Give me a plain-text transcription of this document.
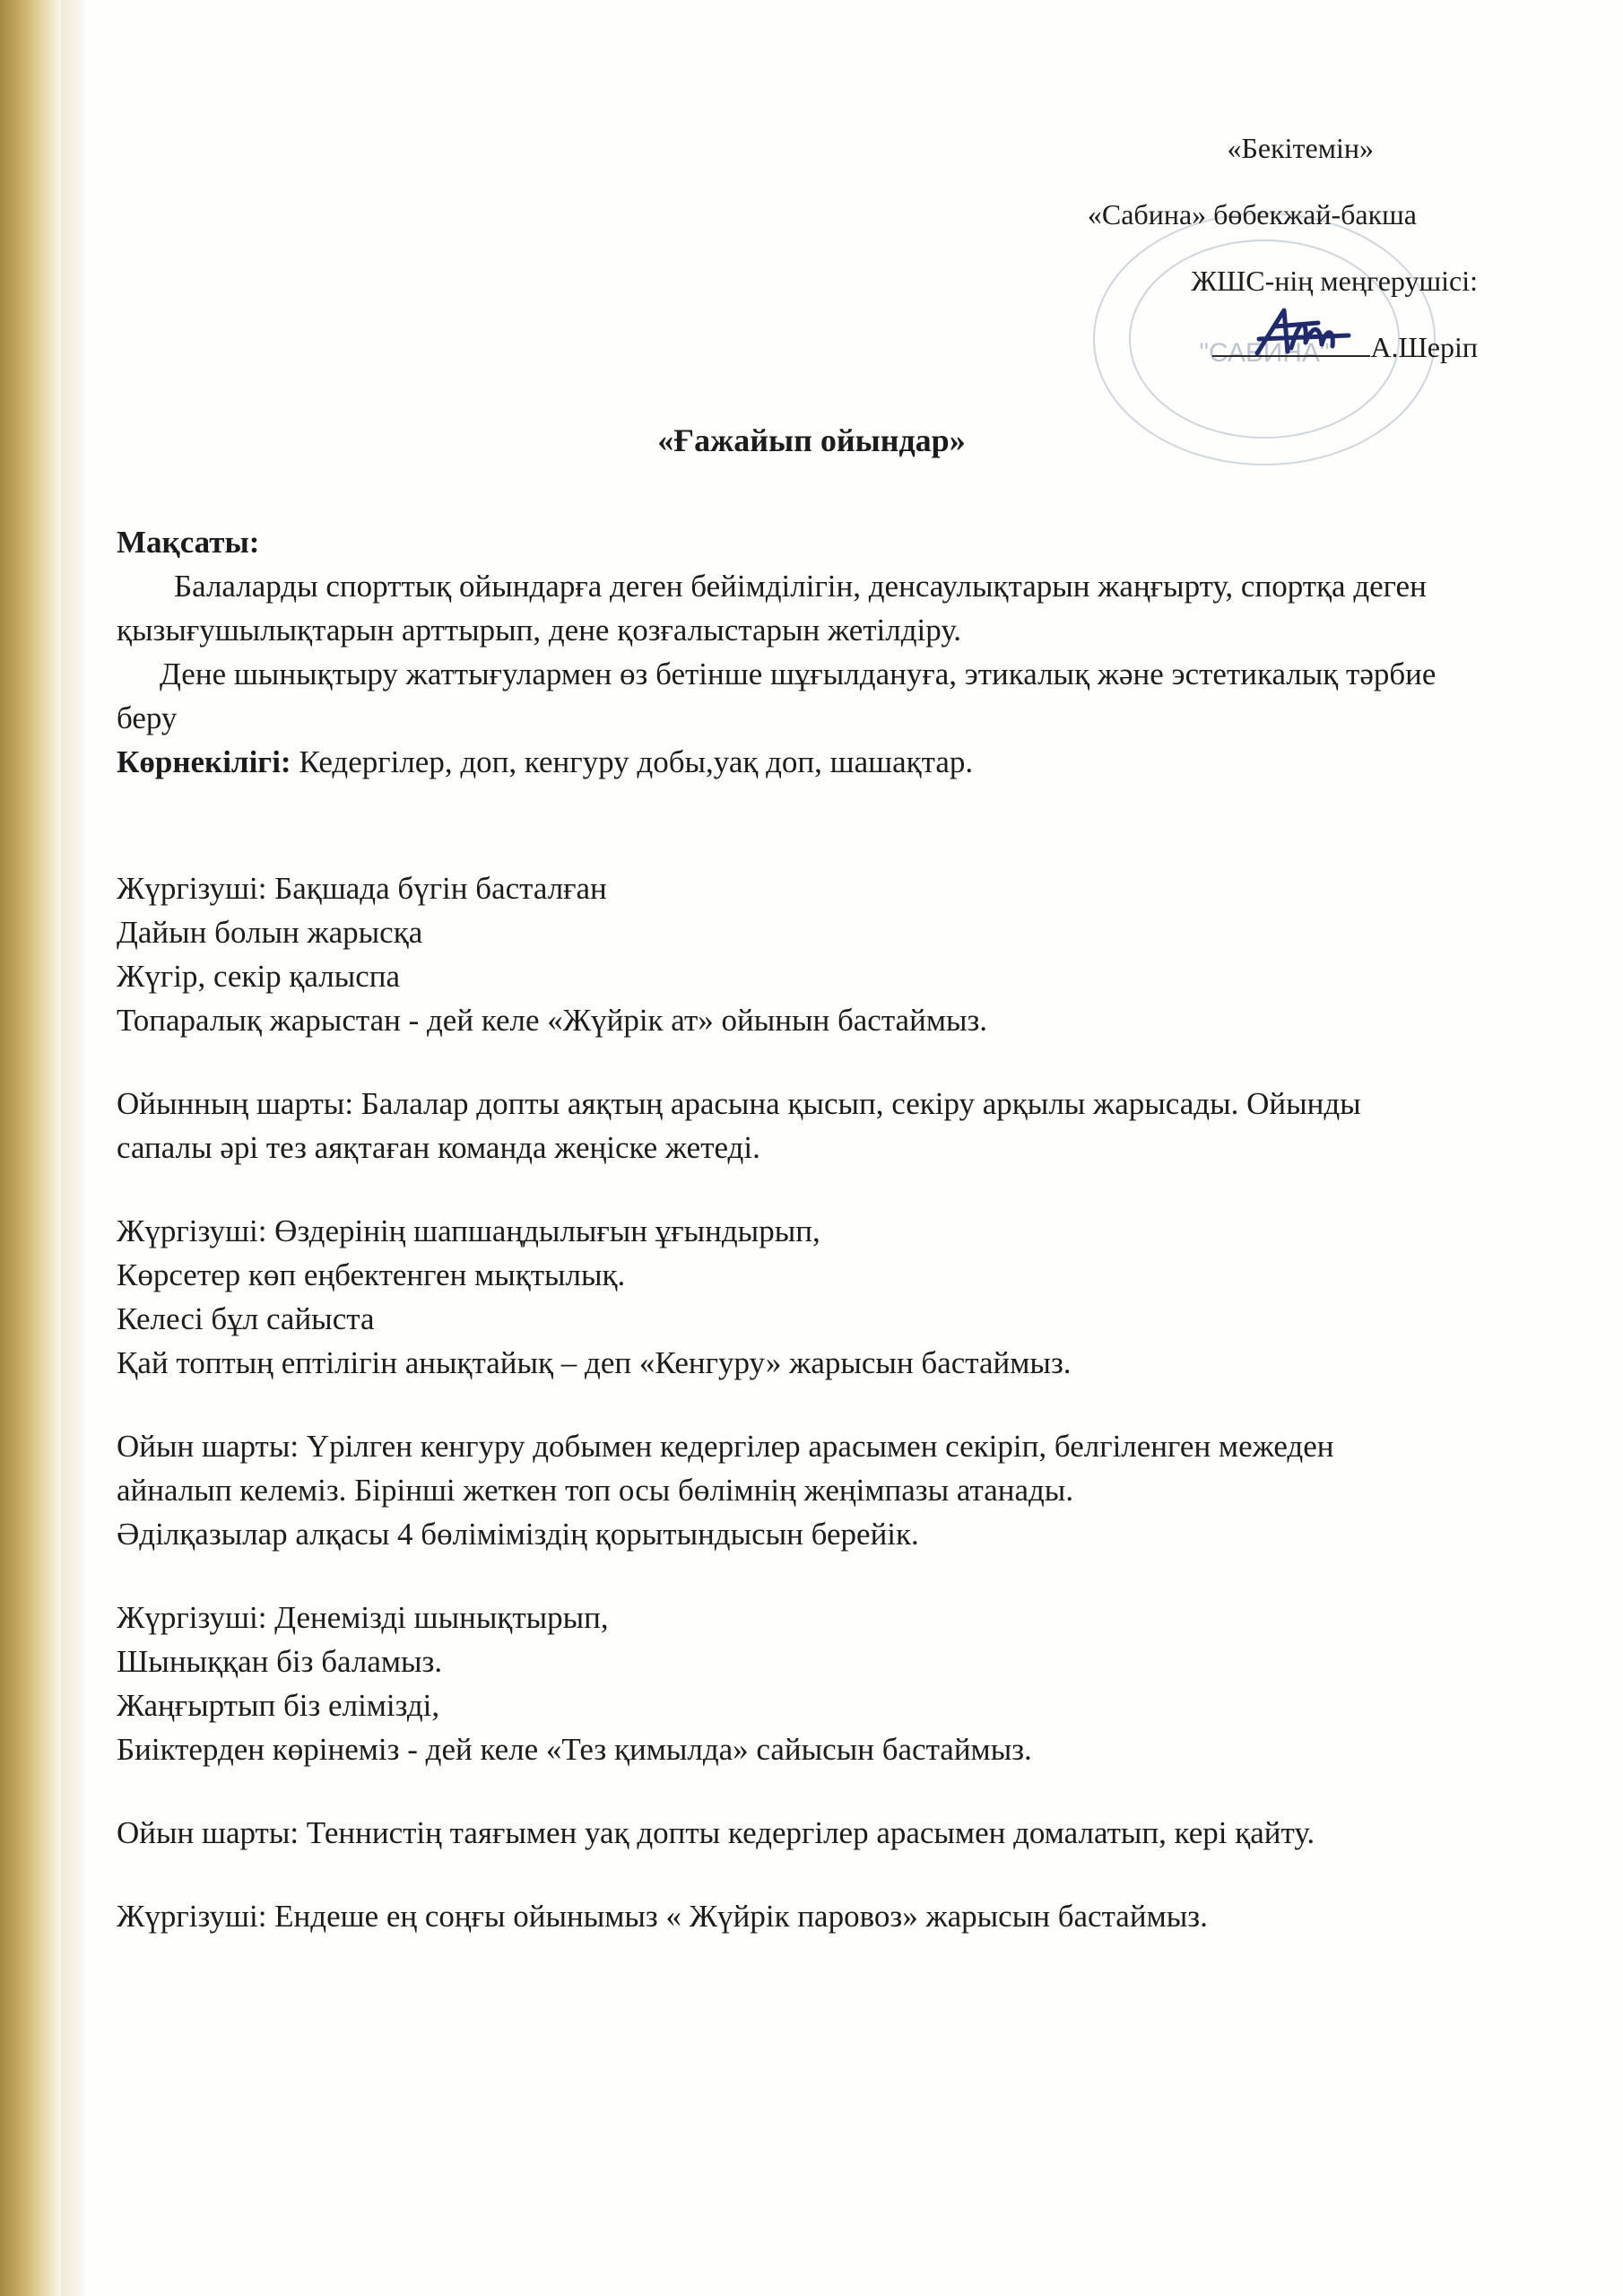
"САБИНА"
«Бекітемін»
«Сабина» бөбекжай-бакша
ЖШС-нің меңгерушісі:
А.Шеріп
«Ғажайып ойындар»

Мақсаты:

Балаларды спорттық ойындарға деген бейімділігін, денсаулықтарын жаңғырту, спортқа деген қызығушылықтарын арттырып, дене қозғалыстарын жетілдіру.

Дене шынықтыру жаттығулармен өз бетінше шұғылдануға, этикалық және эстетикалық тәрбие беру

Көрнекілігі: Кедергілер, доп, кенгуру добы,уақ доп, шашақтар.

Жүргізуші: Бақшада бүгін басталған

Дайын болын жарысқа

Жүгір, секір қалыспа

Топаралық жарыстан - дей келе «Жүйрік ат» ойынын бастаймыз.

Ойынның шарты: Балалар допты аяқтың арасына қысып, секіру арқылы жарысады. Ойынды сапалы әрі тез аяқтаған команда жеңіске жетеді.

Жүргізуші: Өздерінің шапшаңдылығын ұғындырып,

Көрсетер көп еңбектенген мықтылық.

Келесі бұл сайыста

Қай топтың ептілігін анықтайық – деп «Кенгуру» жарысын бастаймыз.

Ойын шарты: Үрілген кенгуру добымен кедергілер арасымен секіріп, белгіленген межеден айналып келеміз. Бірінші жеткен топ осы бөлімнің жеңімпазы атанады.

Әділқазылар алқасы 4 бөліміміздің қорытындысын берейік.

Жүргізуші: Денемізді шынықтырып,

Шыныққан біз баламыз.

Жаңғыртып біз елімізді,

Биіктерден көрінеміз - дей келе «Тез қимылда» сайысын бастаймыз.

Ойын шарты: Теннистің таяғымен уақ допты кедергілер арасымен домалатып, кері қайту.

Жүргізуші: Ендеше ең соңғы ойынымыз « Жүйрік паровоз» жарысын бастаймыз.
